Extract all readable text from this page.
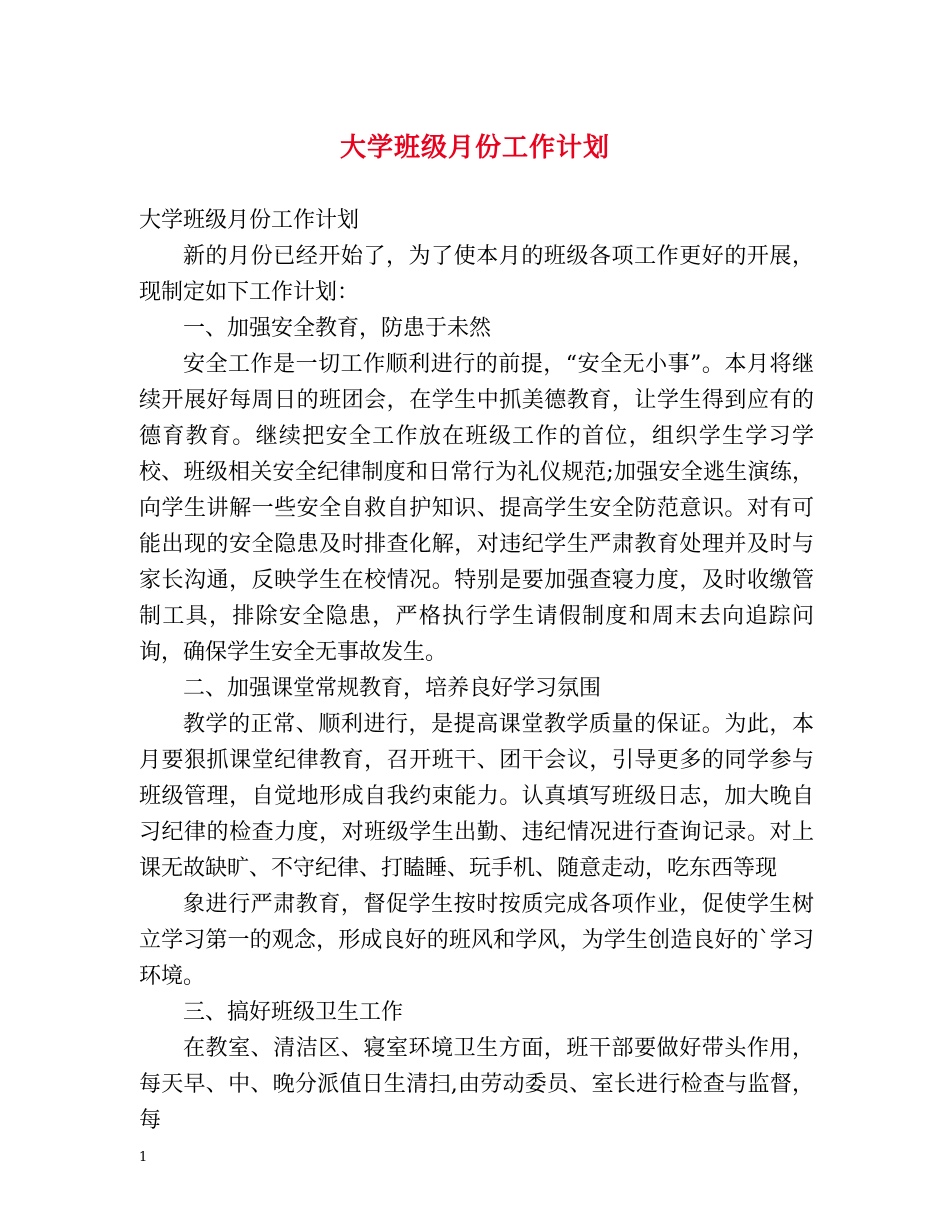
大学班级月份工作计划

大学班级月份工作计划

新的月份已经开始了，为了使本月的班级各项工作更好的开展，现制定如下工作计划：

一、加强安全教育，防患于未然

安全工作是一切工作顺利进行的前提，“安全无小事”。本月将继续开展好每周日的班团会，在学生中抓美德教育，让学生得到应有的德育教育。继续把安全工作放在班级工作的首位，组织学生学习学校、班级相关安全纪律制度和日常行为礼仪规范;加强安全逃生演练，向学生讲解一些安全自救自护知识、提高学生安全防范意识。对有可能出现的安全隐患及时排查化解，对违纪学生严肃教育处理并及时与家长沟通，反映学生在校情况。特别是要加强查寝力度，及时收缴管制工具，排除安全隐患，严格执行学生请假制度和周末去向追踪问询，确保学生安全无事故发生。

二、加强课堂常规教育，培养良好学习氛围

教学的正常、顺利进行，是提高课堂教学质量的保证。为此，本月要狠抓课堂纪律教育，召开班干、团干会议，引导更多的同学参与班级管理，自觉地形成自我约束能力。认真填写班级日志，加大晚自习纪律的检查力度，对班级学生出勤、违纪情况进行查询记录。对上课无故缺旷、不守纪律、打瞌睡、玩手机、随意走动，吃东西等现

象进行严肃教育，督促学生按时按质完成各项作业，促使学生树立学习第一的观念，形成良好的班风和学风，为学生创造良好的`学习环境。

三、搞好班级卫生工作

在教室、清洁区、寝室环境卫生方面，班干部要做好带头作用，每天早、中、晚分派值日生清扫,由劳动委员、室长进行检查与监督，每

1
